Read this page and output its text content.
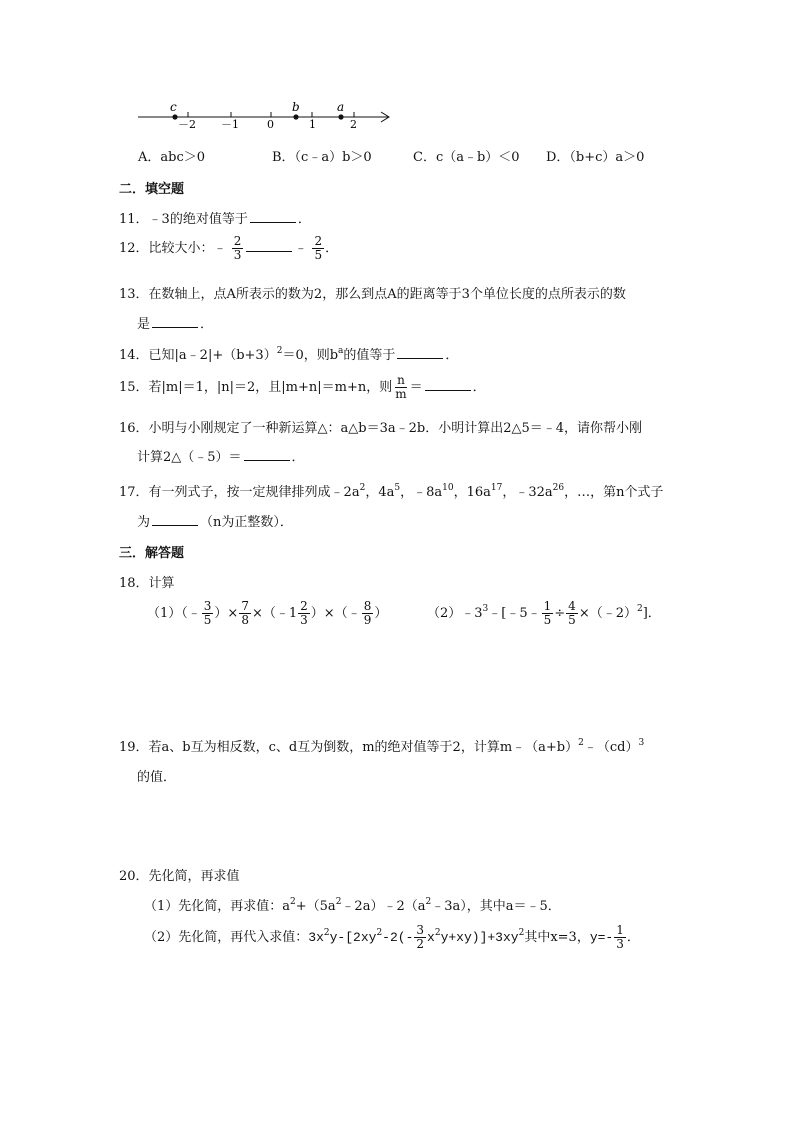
－2 －1	0	1	2
c	b	a
A．abc＞0	B．（c﹣a）b＞0	C．c（a﹣b）＜0 D．（b+c）a＞0
二．填空题
11．﹣3的绝对值等于	．
12．比较大小：﹣ $\frac{2}{3}$	﹣ $\frac{2}{5}$ ．
13．在数轴上，点A所表示的数为2，那么到点A的距离等于3个单位长度的点所表示的数
是	．
14．已知$|a﹣2|+(b+3)^2=0$，则$b^a$的值等于	．
15．若|m|＝1，|n|＝2，且|m+n|＝m+n，则 $\frac{n}{m}$ ＝	．
16．小明与小刚规定了一种新运算△：a△b＝3a﹣2b．小明计算出2△5＝﹣4，请你帮小刚
计算2△（﹣5）＝	．
17．有一列式子，按一定规律排列成$﹣2a^2$，$4a^5$，$﹣8a^{10}$，$16a^{17}$，$﹣32a^{26}$，…，第n个式子
为	（n为正整数）．
三．解答题
18．计算
（1）（﹣ $\frac{3}{5}$ ）× $\frac{7}{8}$ ×（﹣1 $\frac{2}{3}$ ）×（﹣ $\frac{8}{9}$ ）	$(2)﹣3^3﹣[﹣5﹣ \frac{1}{5} \div \frac{4}{5}$ ×（﹣2）$^2$]．
19．若a、b互为相反数，c、d互为倒数，m的绝对值等于2，计算$m﹣(a+b)^2﹣(cd)^3$
的值．
20．先化简，再求值
（1）先化简，再求值：$a^2+(5a^2﹣2a)﹣2(a^2﹣3a)$，其中a＝﹣5．
（2）先化简，再代入求值：$3x^2y-[2xy^2-2(- \frac{3}{2} x^2y+xy)]+3xy^2$其中x=3，$y=- \frac{1}{3}$ ．
